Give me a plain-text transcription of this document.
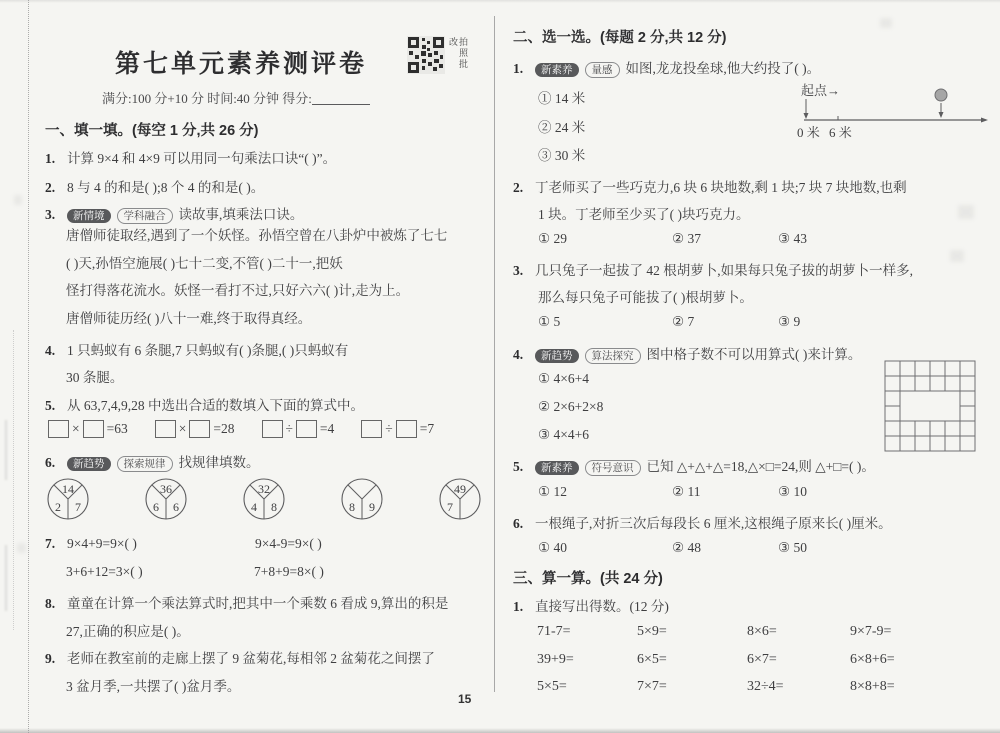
第七单元素养测评卷	拍照批改
满分:100 分+10 分 时间:40 分钟 得分:
一、填一填。(每空 1 分,共 26 分)
1. 计算 9×4 和 4×9 可以用同一句乘法口诀“( )”。
2. 8 与 4 的和是( );8 个 4 的和是( )。
3.	新情境	学科融合 读故事,填乘法口诀。
唐僧师徒取经,遇到了一个妖怪。孙悟空曾在八卦炉中被炼了七七
( )天,孙悟空施展( )七十二变,不管( )二十一,把妖
怪打得落花流水。妖怪一看打不过,只好六六( )计,走为上。
唐僧师徒历经( )八十一难,终于取得真经。
4. 1 只蚂蚁有 6 条腿,7 只蚂蚁有( )条腿,( )只蚂蚁有
30 条腿。
5. 从 63,7,4,9,28 中选出合适的数填入下面的算式中。
× =63	× =28	÷ =4	÷ =7
6.	新趋势	探索规律 找规律填数。
14
2 7
36
6 6
32
4 8	8 9
49
7
7. 9×4+9=9×( )	9×4-9=9×( )
3+6+12=3×( )	7+8+9=8×( )
8. 童童在计算一个乘法算式时,把其中一个乘数 6 看成 9,算出的积是
27,正确的积应是( )。
9. 老师在教室前的走廊上摆了 9 盆菊花,每相邻 2 盆菊花之间摆了
3 盆月季,一共摆了( )盆月季。
15
二、选一选。(每题 2 分,共 12 分)
1.	新素养	量感 如图,龙龙投垒球,他大约投了( )。
① 14 米
② 24 米
③ 30 米
起点→
0 米 6 米
2. 丁老师买了一些巧克力,6 块 6 块地数,剩 1 块;7 块 7 块地数,也剩
1 块。丁老师至少买了( )块巧克力。
① 29	② 37	③ 43
3. 几只兔子一起拔了 42 根胡萝卜,如果每只兔子拔的胡萝卜一样多,
那么每只兔子可能拔了( )根胡萝卜。
① 5	② 7	③ 9
4.	新趋势	算法探究 图中格子数不可以用算式( )来计算。
① 4×6+4
② 2×6+2×8
③ 4×4+6
5.	新素养	符号意识 已知 △+△+△=18,△×□=24,则 △+□=( )。
① 12	② 11	③ 10
6. 一根绳子,对折三次后每段长 6 厘米,这根绳子原来长( )厘米。
① 40	② 48	③ 50
三、算一算。(共 24 分)
1. 直接写出得数。(12 分)
71-7=	5×9=	8×6=	9×7-9=
39+9=	6×5=	6×7=	6×8+6=
5×5=	7×7=	32÷4=	8×8+8=
